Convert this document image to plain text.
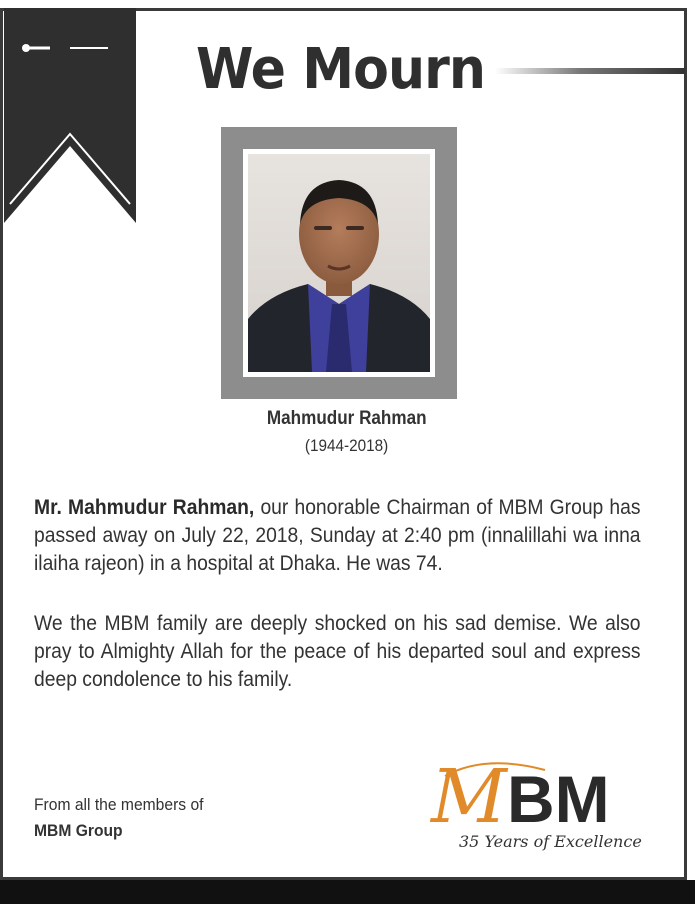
We Mourn
Mahmudur Rahman
(1944-2018)

Mr. Mahmudur Rahman, our honorable Chairman of MBM Group has passed away on July 22, 2018, Sunday at 2:40 pm (innalillahi wa inna ilaiha rajeon) in a hospital at Dhaka. He was 74.

We the MBM family are deeply shocked on his sad demise. We also pray to Almighty Allah for the peace of his departed soul and express deep condolence to his family.

From all the members of
MBM Group	M BM
35 Years of Excellence
